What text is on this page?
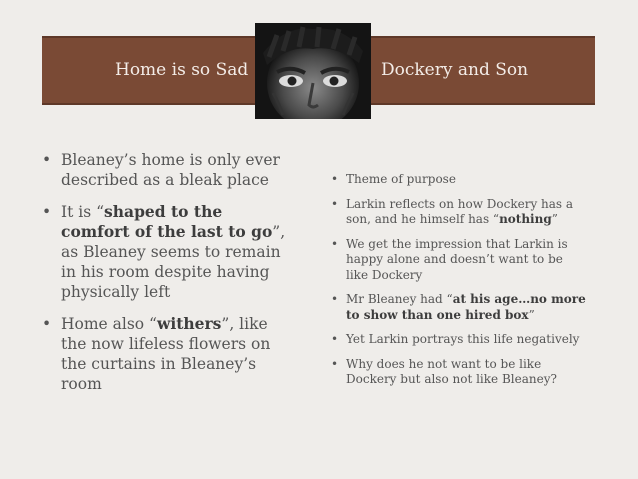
Home is so Sad	Dockery and Son
• Bleaney’s home is only ever described as a bleak place
• It is “shaped to the comfort of the last to go”, as Bleaney seems to remain in his room despite having physically left
• Home also “withers”, like the now lifeless flowers on the curtains in Bleaney’s room
• Theme of purpose
• Larkin reflects on how Dockery has a son, and he himself has “nothing”
• We get the impression that Larkin is happy alone and doesn’t want to be like Dockery
• Mr Bleaney had “at his age…no more to show than one hired box”
• Yet Larkin portrays this life negatively
• Why does he not want to be like Dockery but also not like Bleaney?
